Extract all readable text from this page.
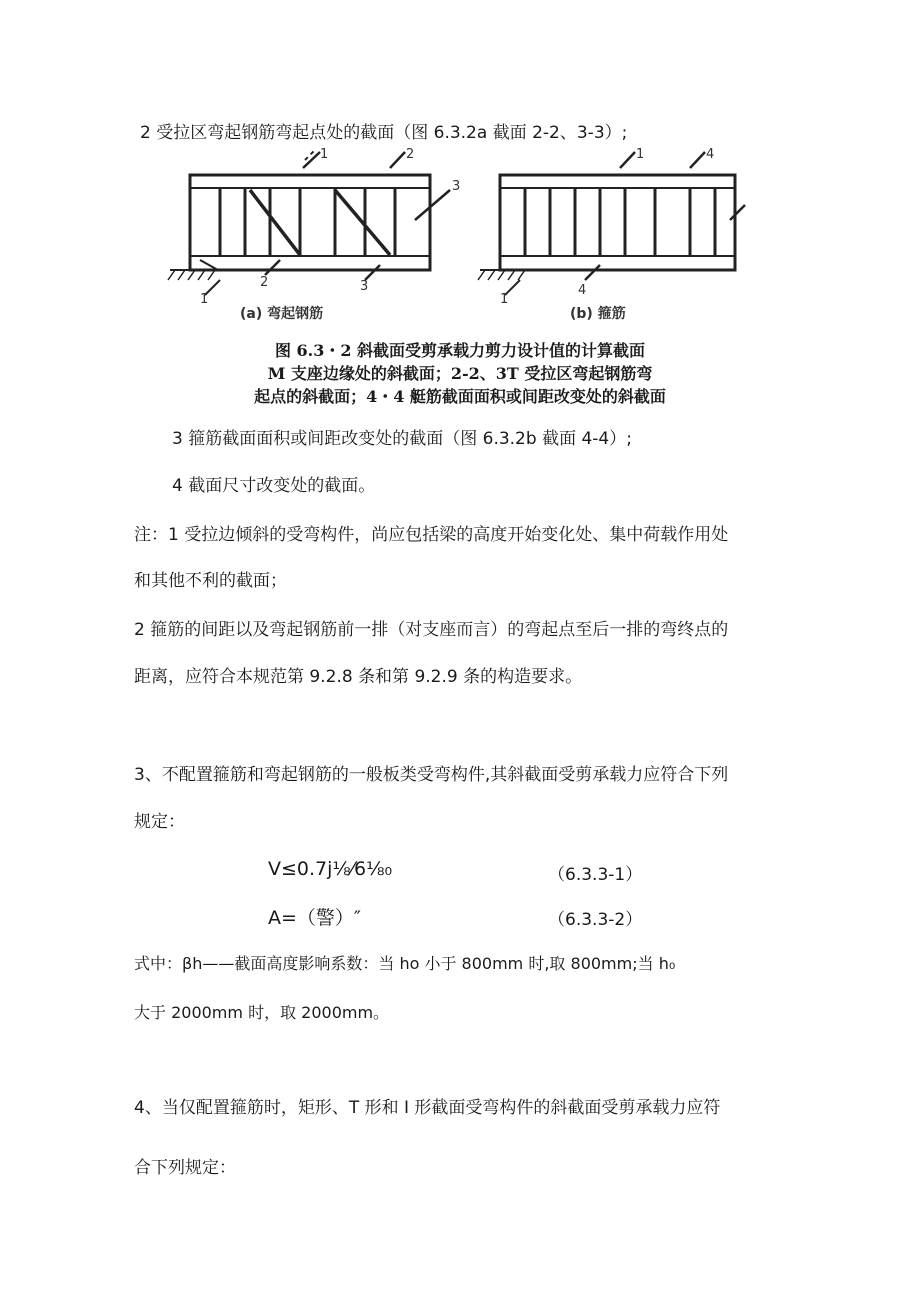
2 受拉区弯起钢筋弯起点处的截面（图 6.3.2a 截面 2-2、3-3）;
1	2
3
1
2	3
1	4
1
4
(a) 弯起钢筋	(b) 箍筋
图 6.3・2 斜截面受剪承载力剪力设计值的计算截面
M 支座边缘处的斜截面；2-2、3T 受拉区弯起钢筋弯
起点的斜截面；4・4 艇筋截面面积或间距改变处的斜截面
3 箍筋截面面积或间距改变处的截面（图 6.3.2b 截面 4-4）;
4 截面尺寸改变处的截面。
注：1 受拉边倾斜的受弯构件，尚应包括梁的高度开始变化处、集中荷载作用处
和其他不利的截面；
2 箍筋的间距以及弯起钢筋前一排（对支座而言）的弯起点至后一排的弯终点的
距离，应符合本规范第 9.2.8 条和第 9.2.9 条的构造要求。
3、不配置箍筋和弯起钢筋的一般板类受弯构件,其斜截面受剪承载力应符合下列
规定：
V≤0.7j⅛⁄6⅛₀	（6.3.3-1）
A=（警）″	（6.3.3-2）
式中：βh——截面高度影响系数：当 ho 小于 800mm 时,取 800mm;当 h₀
大于 2000mm 时，取 2000mm。
4、当仅配置箍筋时，矩形、T 形和 I 形截面受弯构件的斜截面受剪承载力应符
合下列规定：
